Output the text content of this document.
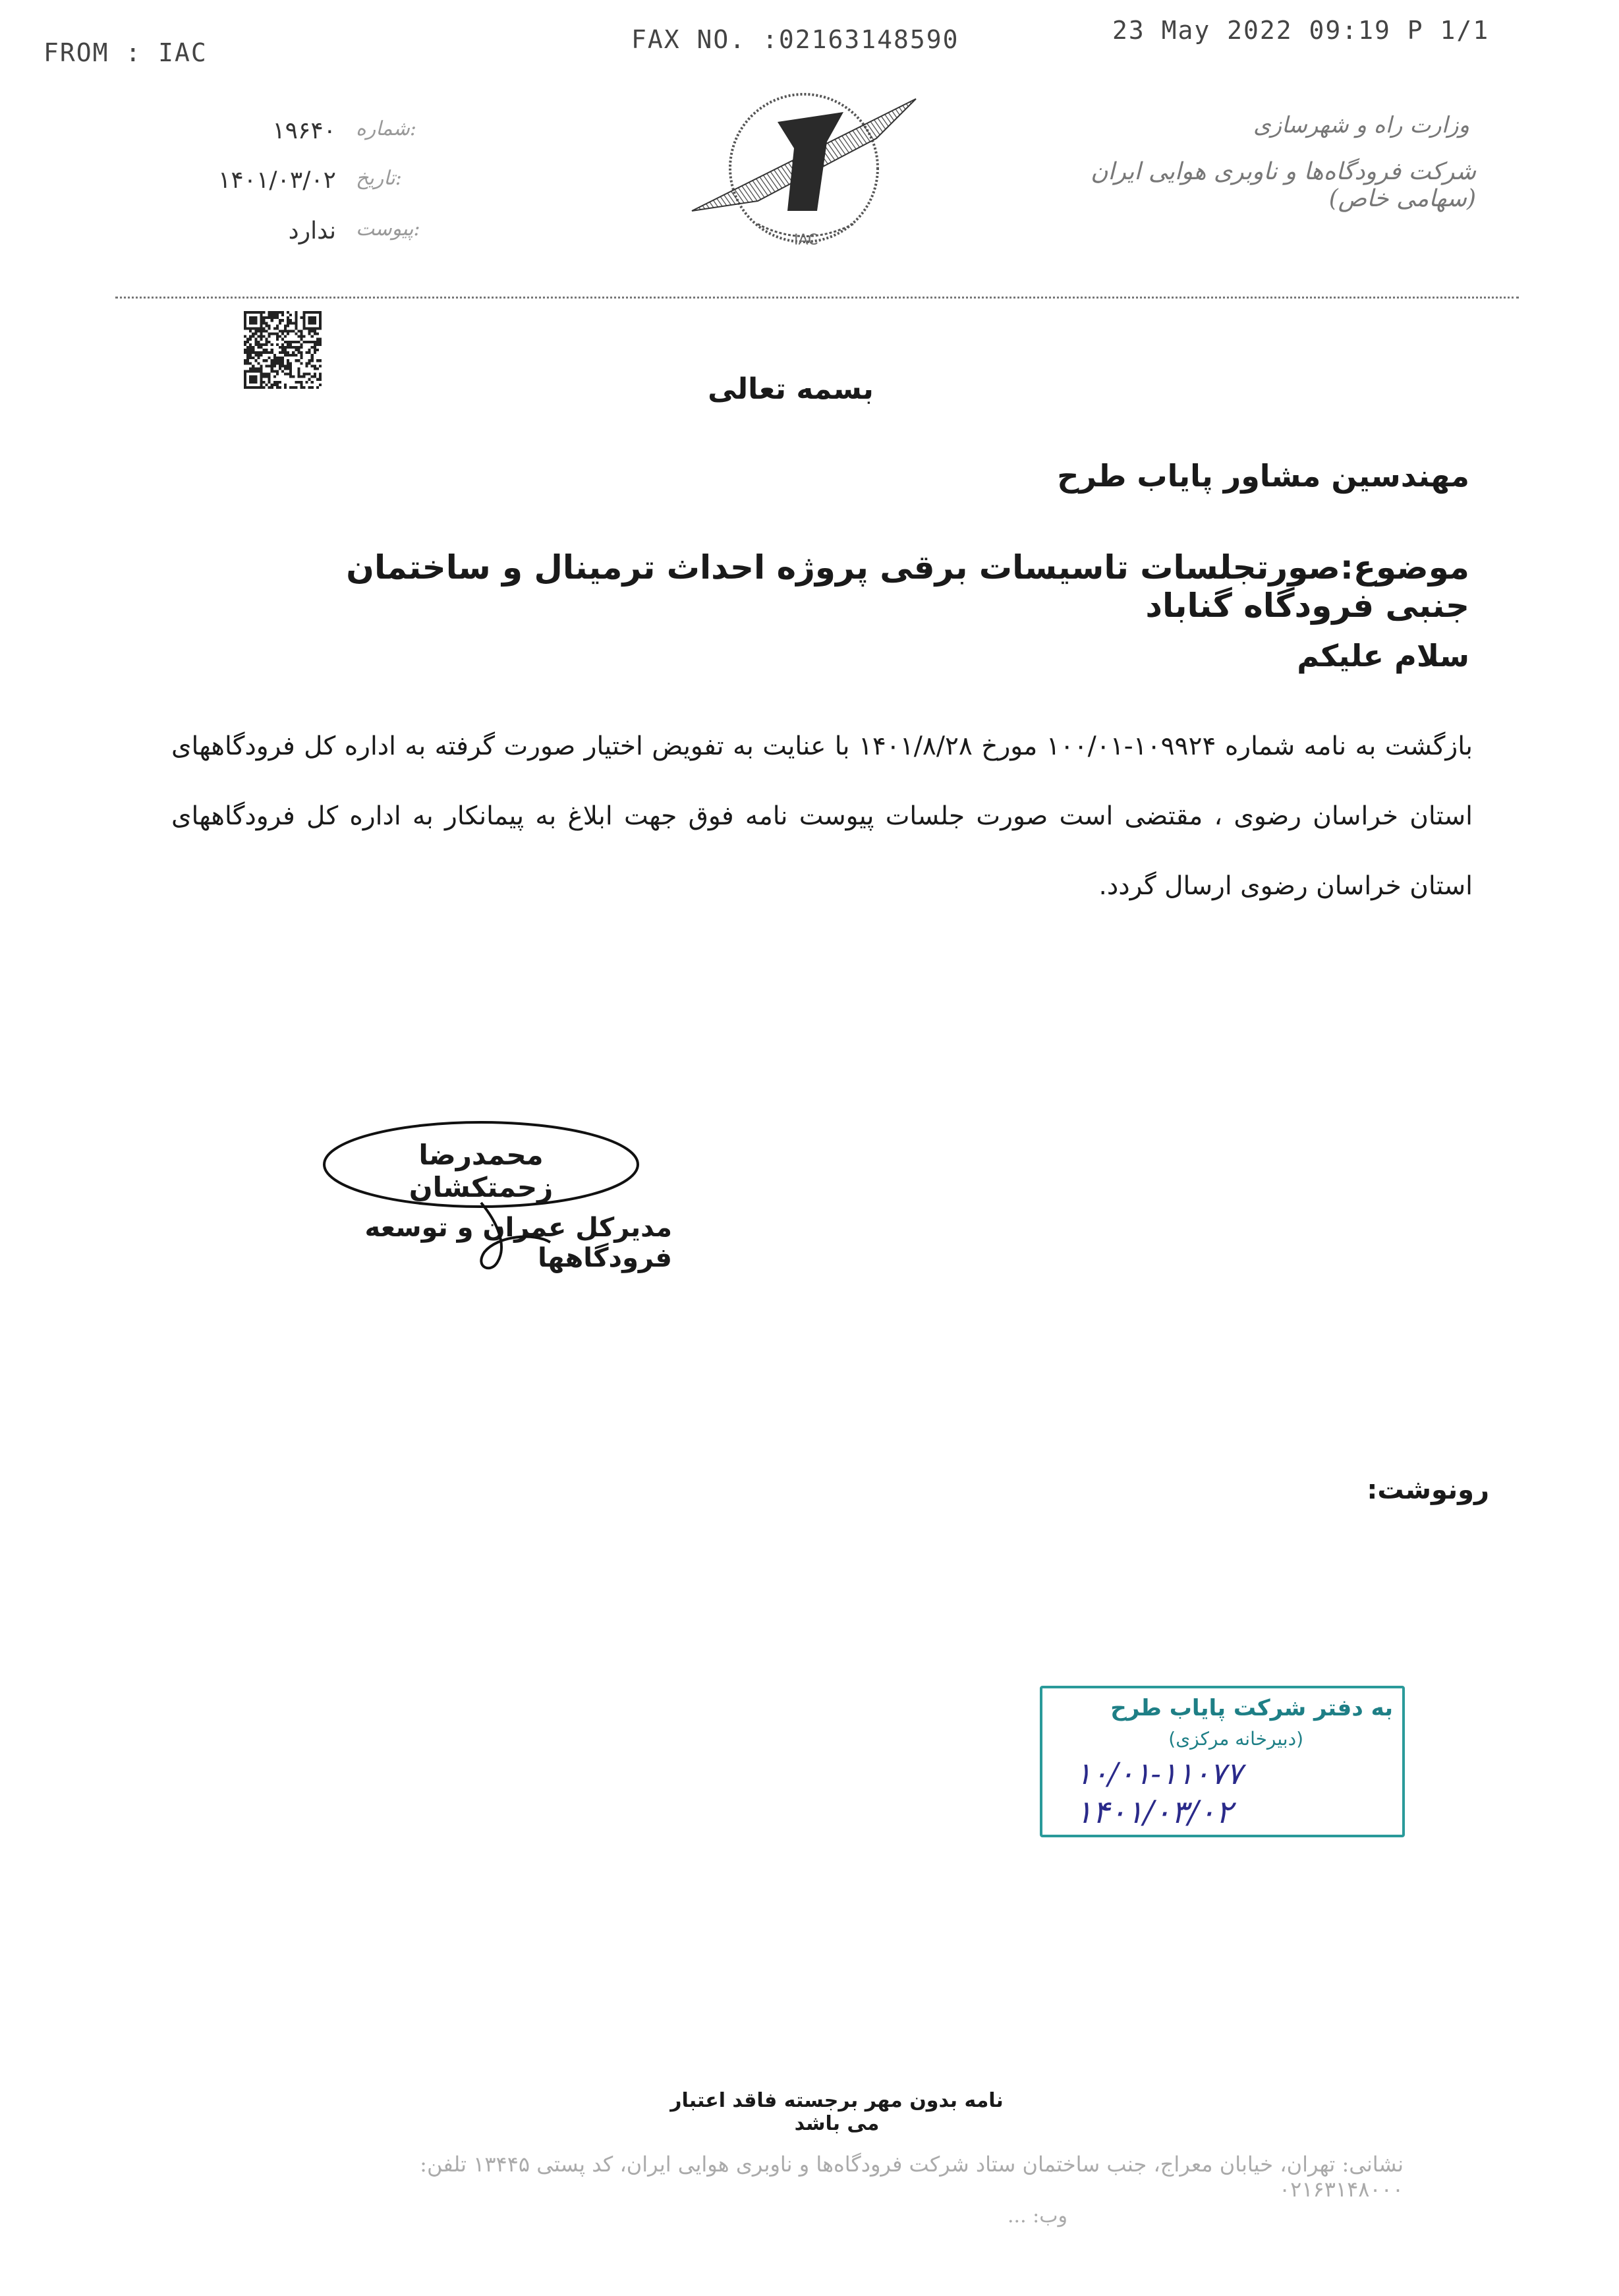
FROM : IAC	FAX NO. :02163148590	23 May 2022 09:19 P 1/1
۱۹۶۴۰ شماره:
۱۴۰۱/۰۳/۰۲ تاریخ:
ندارد پیوست:	IAC
وزارت راه و شهرسازی
شرکت فرودگاه‌ها و ناوبری هوایی ایران (سهامی خاص)
بسمه تعالی
مهندسین مشاور پایاب طرح
موضوع:صورتجلسات تاسیسات برقی پروژه احداث ترمینال و ساختمان جنبی فرودگاه گناباد
سلام علیکم
بازگشت به نامه شماره ۱۰۹۹۲۴-۱۰۰/۰۱ مورخ ۱۴۰۱/۸/۲۸ با عنایت به تفویض اختیار صورت گرفته به اداره کل فرودگاههای استان خراسان رضوی ، مقتضی است صورت جلسات پیوست نامه فوق جهت ابلاغ به پیمانکار به اداره کل فرودگاههای استان خراسان رضوی ارسال گردد.
محمدرضا زحمتکشان
مدیرکل عمران و توسعه فرودگاهها
رونوشت:
به دفتر شرکت پایاب طرح
(دبیرخانه مرکزی)
۱۰/۰۱-۱۱۰۷۷
۱۴۰۱/۰۳/۰۲
نامه بدون مهر برجسته فاقد اعتبار می باشد
نشانی: تهران، خیابان معراج، جنب ساختمان ستاد شرکت فرودگاه‌ها و ناوبری هوایی ایران، کد پستی ۱۳۴۴۵ تلفن: ۰۲۱۶۳۱۴۸۰۰۰
وب: ...
